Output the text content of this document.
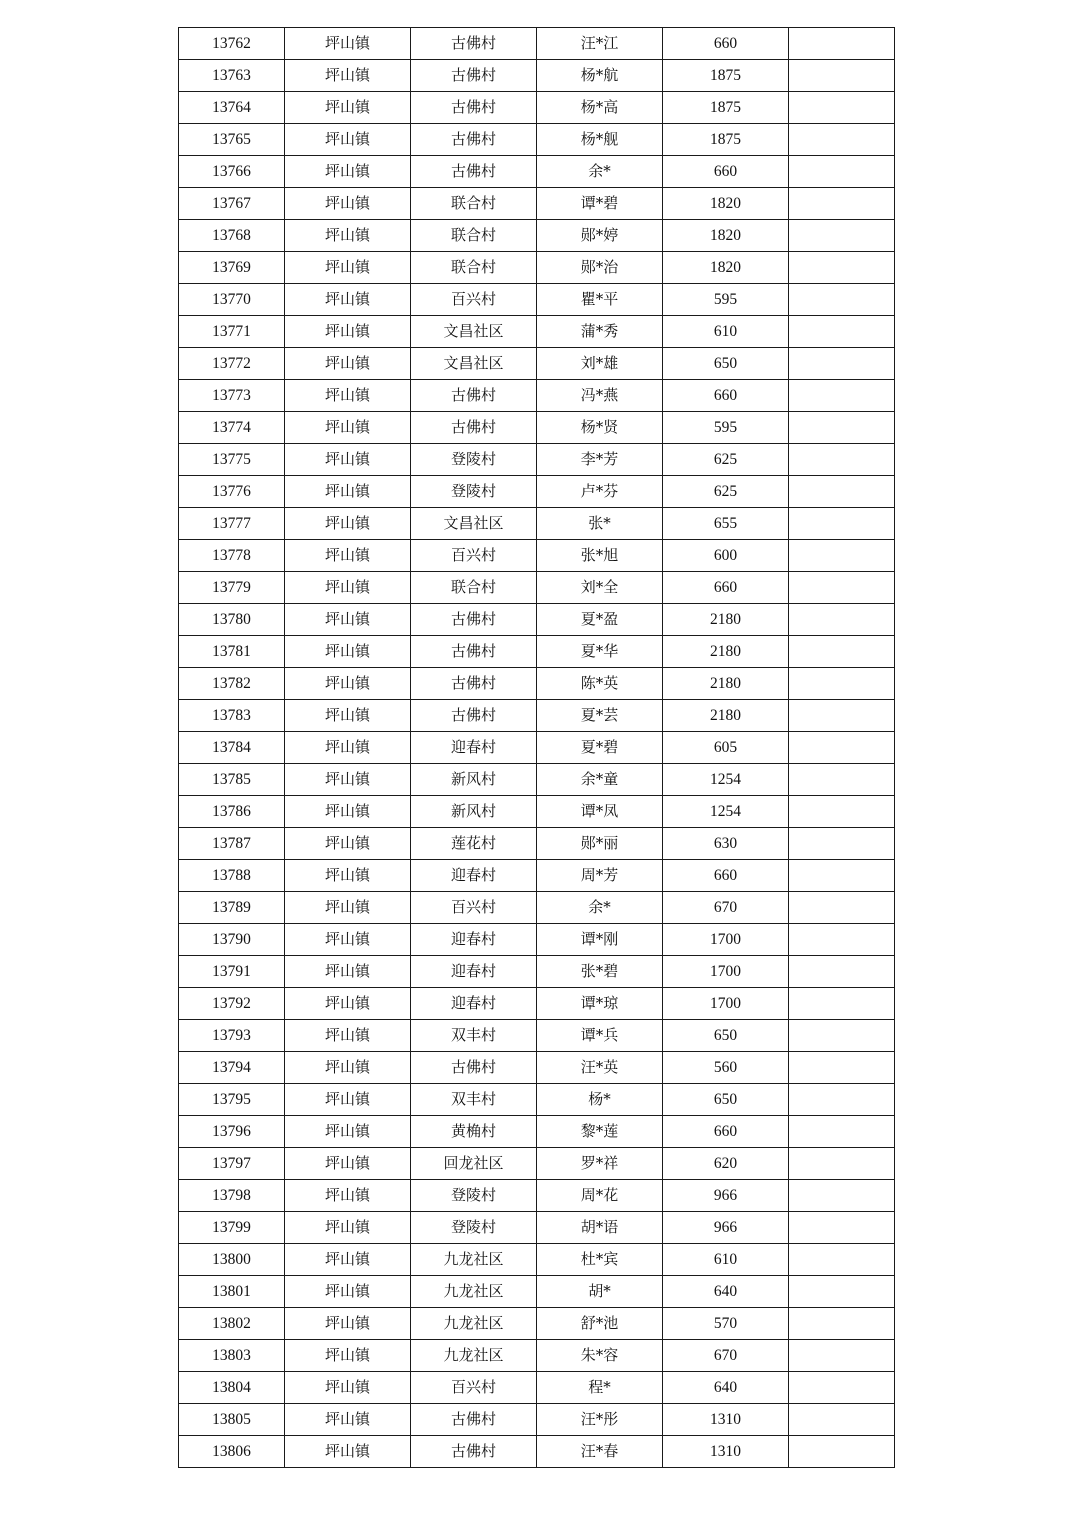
13762	坪山镇	古佛村	汪*江	660	
13763	坪山镇	古佛村	杨*航	1875	
13764	坪山镇	古佛村	杨*高	1875	
13765	坪山镇	古佛村	杨*舰	1875	
13766	坪山镇	古佛村	余*	660	
13767	坪山镇	联合村	谭*碧	1820	
13768	坪山镇	联合村	郧*婷	1820	
13769	坪山镇	联合村	郧*治	1820	
13770	坪山镇	百兴村	瞿*平	595	
13771	坪山镇	文昌社区	蒲*秀	610	
13772	坪山镇	文昌社区	刘*雄	650	
13773	坪山镇	古佛村	冯*燕	660	
13774	坪山镇	古佛村	杨*贤	595	
13775	坪山镇	登陵村	李*芳	625	
13776	坪山镇	登陵村	卢*芬	625	
13777	坪山镇	文昌社区	张*	655	
13778	坪山镇	百兴村	张*旭	600	
13779	坪山镇	联合村	刘*全	660	
13780	坪山镇	古佛村	夏*盈	2180	
13781	坪山镇	古佛村	夏*华	2180	
13782	坪山镇	古佛村	陈*英	2180	
13783	坪山镇	古佛村	夏*芸	2180	
13784	坪山镇	迎春村	夏*碧	605	
13785	坪山镇	新风村	余*童	1254	
13786	坪山镇	新风村	谭*凤	1254	
13787	坪山镇	莲花村	郧*丽	630	
13788	坪山镇	迎春村	周*芳	660	
13789	坪山镇	百兴村	余*	670	
13790	坪山镇	迎春村	谭*刚	1700	
13791	坪山镇	迎春村	张*碧	1700	
13792	坪山镇	迎春村	谭*琼	1700	
13793	坪山镇	双丰村	谭*兵	650	
13794	坪山镇	古佛村	汪*英	560	
13795	坪山镇	双丰村	杨*	650	
13796	坪山镇	黄桷村	黎*莲	660	
13797	坪山镇	回龙社区	罗*祥	620	
13798	坪山镇	登陵村	周*花	966	
13799	坪山镇	登陵村	胡*语	966	
13800	坪山镇	九龙社区	杜*宾	610	
13801	坪山镇	九龙社区	胡*	640	
13802	坪山镇	九龙社区	舒*池	570	
13803	坪山镇	九龙社区	朱*容	670	
13804	坪山镇	百兴村	程*	640	
13805	坪山镇	古佛村	汪*彤	1310	
13806	坪山镇	古佛村	汪*春	1310	
